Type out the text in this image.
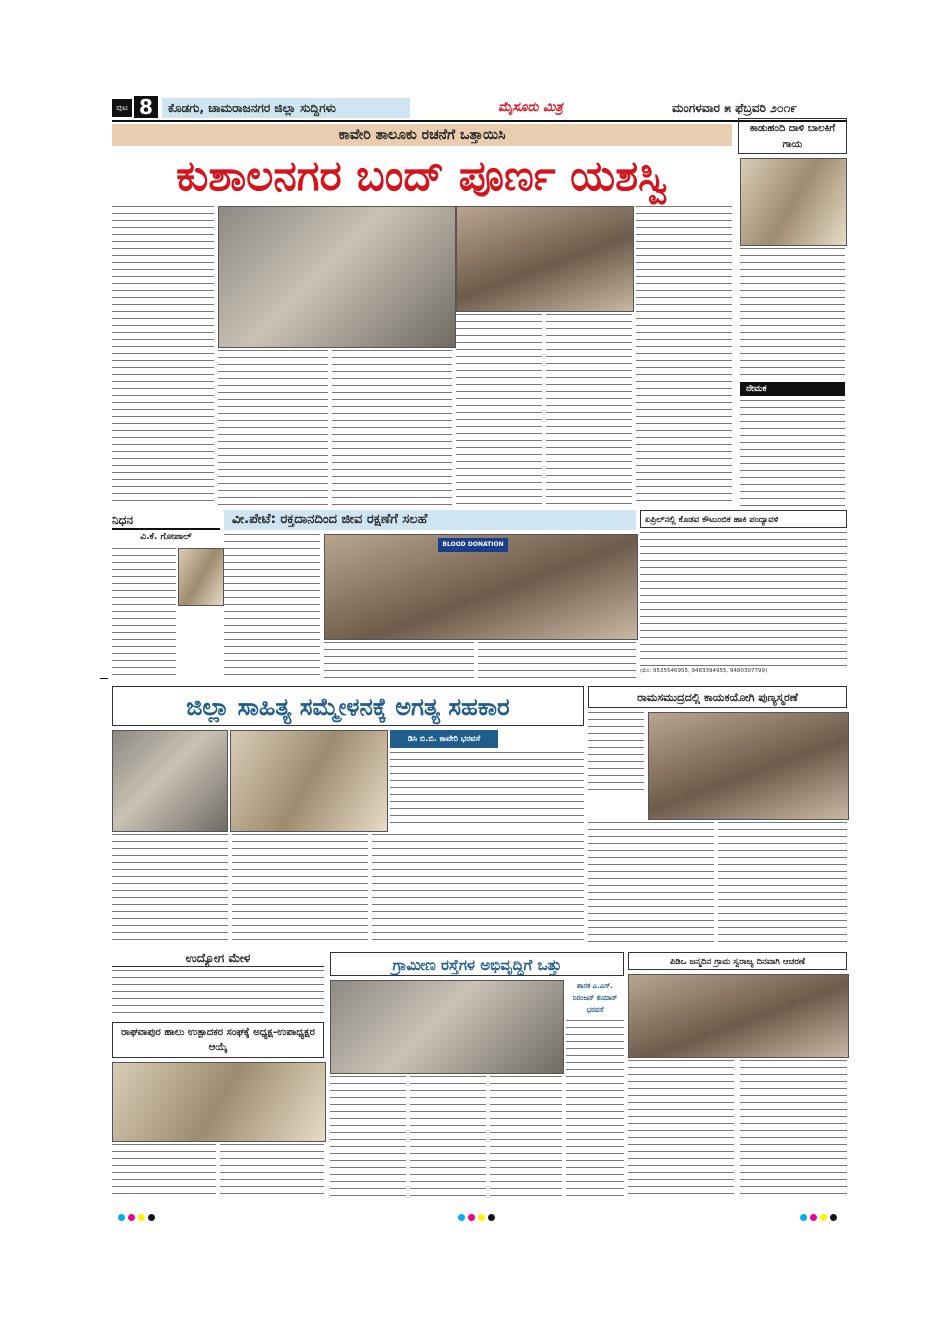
ಪುಟ 8	ಕೊಡಗು, ಚಾಮರಾಜನಗರ ಜಿಲ್ಲಾ ಸುದ್ದಿಗಳು	ಮೈಸೂರು ಮಿತ್ರ	ಮಂಗಳವಾರ ೫ ಫೆಬ್ರವರಿ ೨೦೧೯
ಕಾವೇರಿ ತಾಲೂಕು ರಚನೆಗೆ ಒತ್ತಾಯಿಸಿ
ಕುಶಾಲನಗರ ಬಂದ್ ಪೂರ್ಣ ಯಶಸ್ವಿ
ಕಾಡುಹಂದಿ ದಾಳಿ ಬಾಲಕಿಗೆ ಗಾಯ
ನೇಮಕ
ನಿಧನ
ವಿ.ಕೆ. ಗೋಪಾಲ್
ವೀ.ಪೇಟೆ: ರಕ್ತದಾನದಿಂದ ಜೀವ ರಕ್ಷಣೆಗೆ ಸಲಹೆ
BLOOD DONATION
ಏಪ್ರಿಲ್‌ನಲ್ಲಿ ಕೊಡವ ಕೌಟುಂಬಿಕ ಹಾಕಿ ಪಂದ್ಯಾವಳಿ
(ಮೊ: 9535546955, 9483394955, 9480307799)
ಜಿಲ್ಲಾ ಸಾಹಿತ್ಯ ಸಮ್ಮೇಳನಕ್ಕೆ ಅಗತ್ಯ ಸಹಕಾರ
ಡಿಸಿ ಬಿ.ಬಿ. ಕಾವೇರಿ ಭರವಸೆ
ರಾಮಸಮುದ್ರದಲ್ಲಿ ಕಾಯಕಯೋಗಿ ಪುಣ್ಯಸ್ಮರಣೆ
ಉದ್ಯೋಗ ಮೇಳ
ರಾಘವಾಪುರ ಹಾಲು ಉತ್ಪಾದಕರ ಸಂಘಕ್ಕೆ ಅಧ್ಯಕ್ಷ-ಉಪಾಧ್ಯಕ್ಷರ ಆಯ್ಕೆ
ಗ್ರಾಮೀಣ ರಸ್ತೆಗಳ ಅಭಿವೃದ್ಧಿಗೆ ಒತ್ತು
ಶಾಸಕ ಎ.ಎಸ್. ನಿರಂಜನ್ ಕುಮಾರ್ ಭರವಸೆ
ಪಿಡಿಒ ಜನ್ಮದಿನ ಗ್ರಾಮ ಸ್ವರಾಜ್ಯ ದಿನವಾಗಿ ಆಚರಣೆ
